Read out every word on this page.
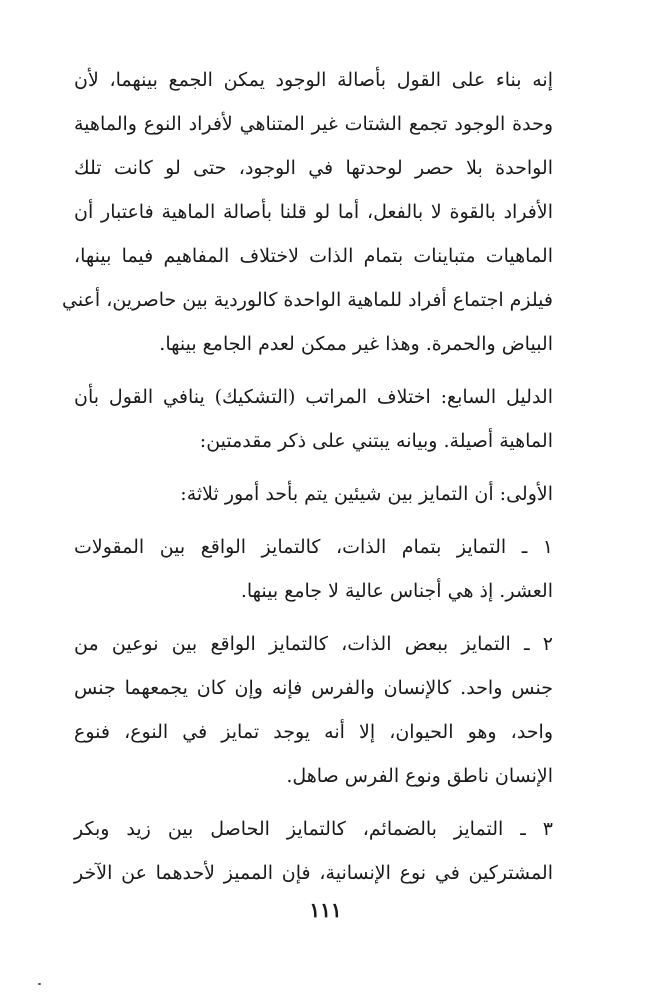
إنه بناء على القول بأصالة الوجود يمكن الجمع بينهما، لأن
وحدة الوجود تجمع الشتات غير المتناهي لأفراد النوع والماهية
الواحدة بلا حصر لوحدتها في الوجود، حتى لو كانت تلك
الأفراد بالقوة لا بالفعل، أما لو قلنا بأصالة الماهية فاعتبار أن
الماهيات متباينات بتمام الذات لاختلاف المفاهيم فيما بينها،
فيلزم اجتماع أفراد للماهية الواحدة كالوردية بين حاصرين، أعني
البياض والحمرة. وهذا غير ممكن لعدم الجامع بينها.
الدليل السابع: اختلاف المراتب (التشكيك) ينافي القول بأن
الماهية أصيلة. وبيانه يبتني على ذكر مقدمتين:
الأولى: أن التمايز بين شيئين يتم بأحد أمور ثلاثة:
١ ـ التمايز بتمام الذات، كالتمايز الواقع بين المقولات
العشر. إذ هي أجناس عالية لا جامع بينها.
٢ ـ التمايز ببعض الذات، كالتمايز الواقع بين نوعين من
جنس واحد. كالإنسان والفرس فإنه وإن كان يجمعهما جنس
واحد، وهو الحيوان، إلا أنه يوجد تمايز في النوع، فنوع
الإنسان ناطق ونوع الفرس صاهل.
٣ ـ التمايز بالضمائم، كالتمايز الحاصل بين زيد وبكر
المشتركين في نوع الإنسانية، فإن المميز لأحدهما عن الآخر
١١١
